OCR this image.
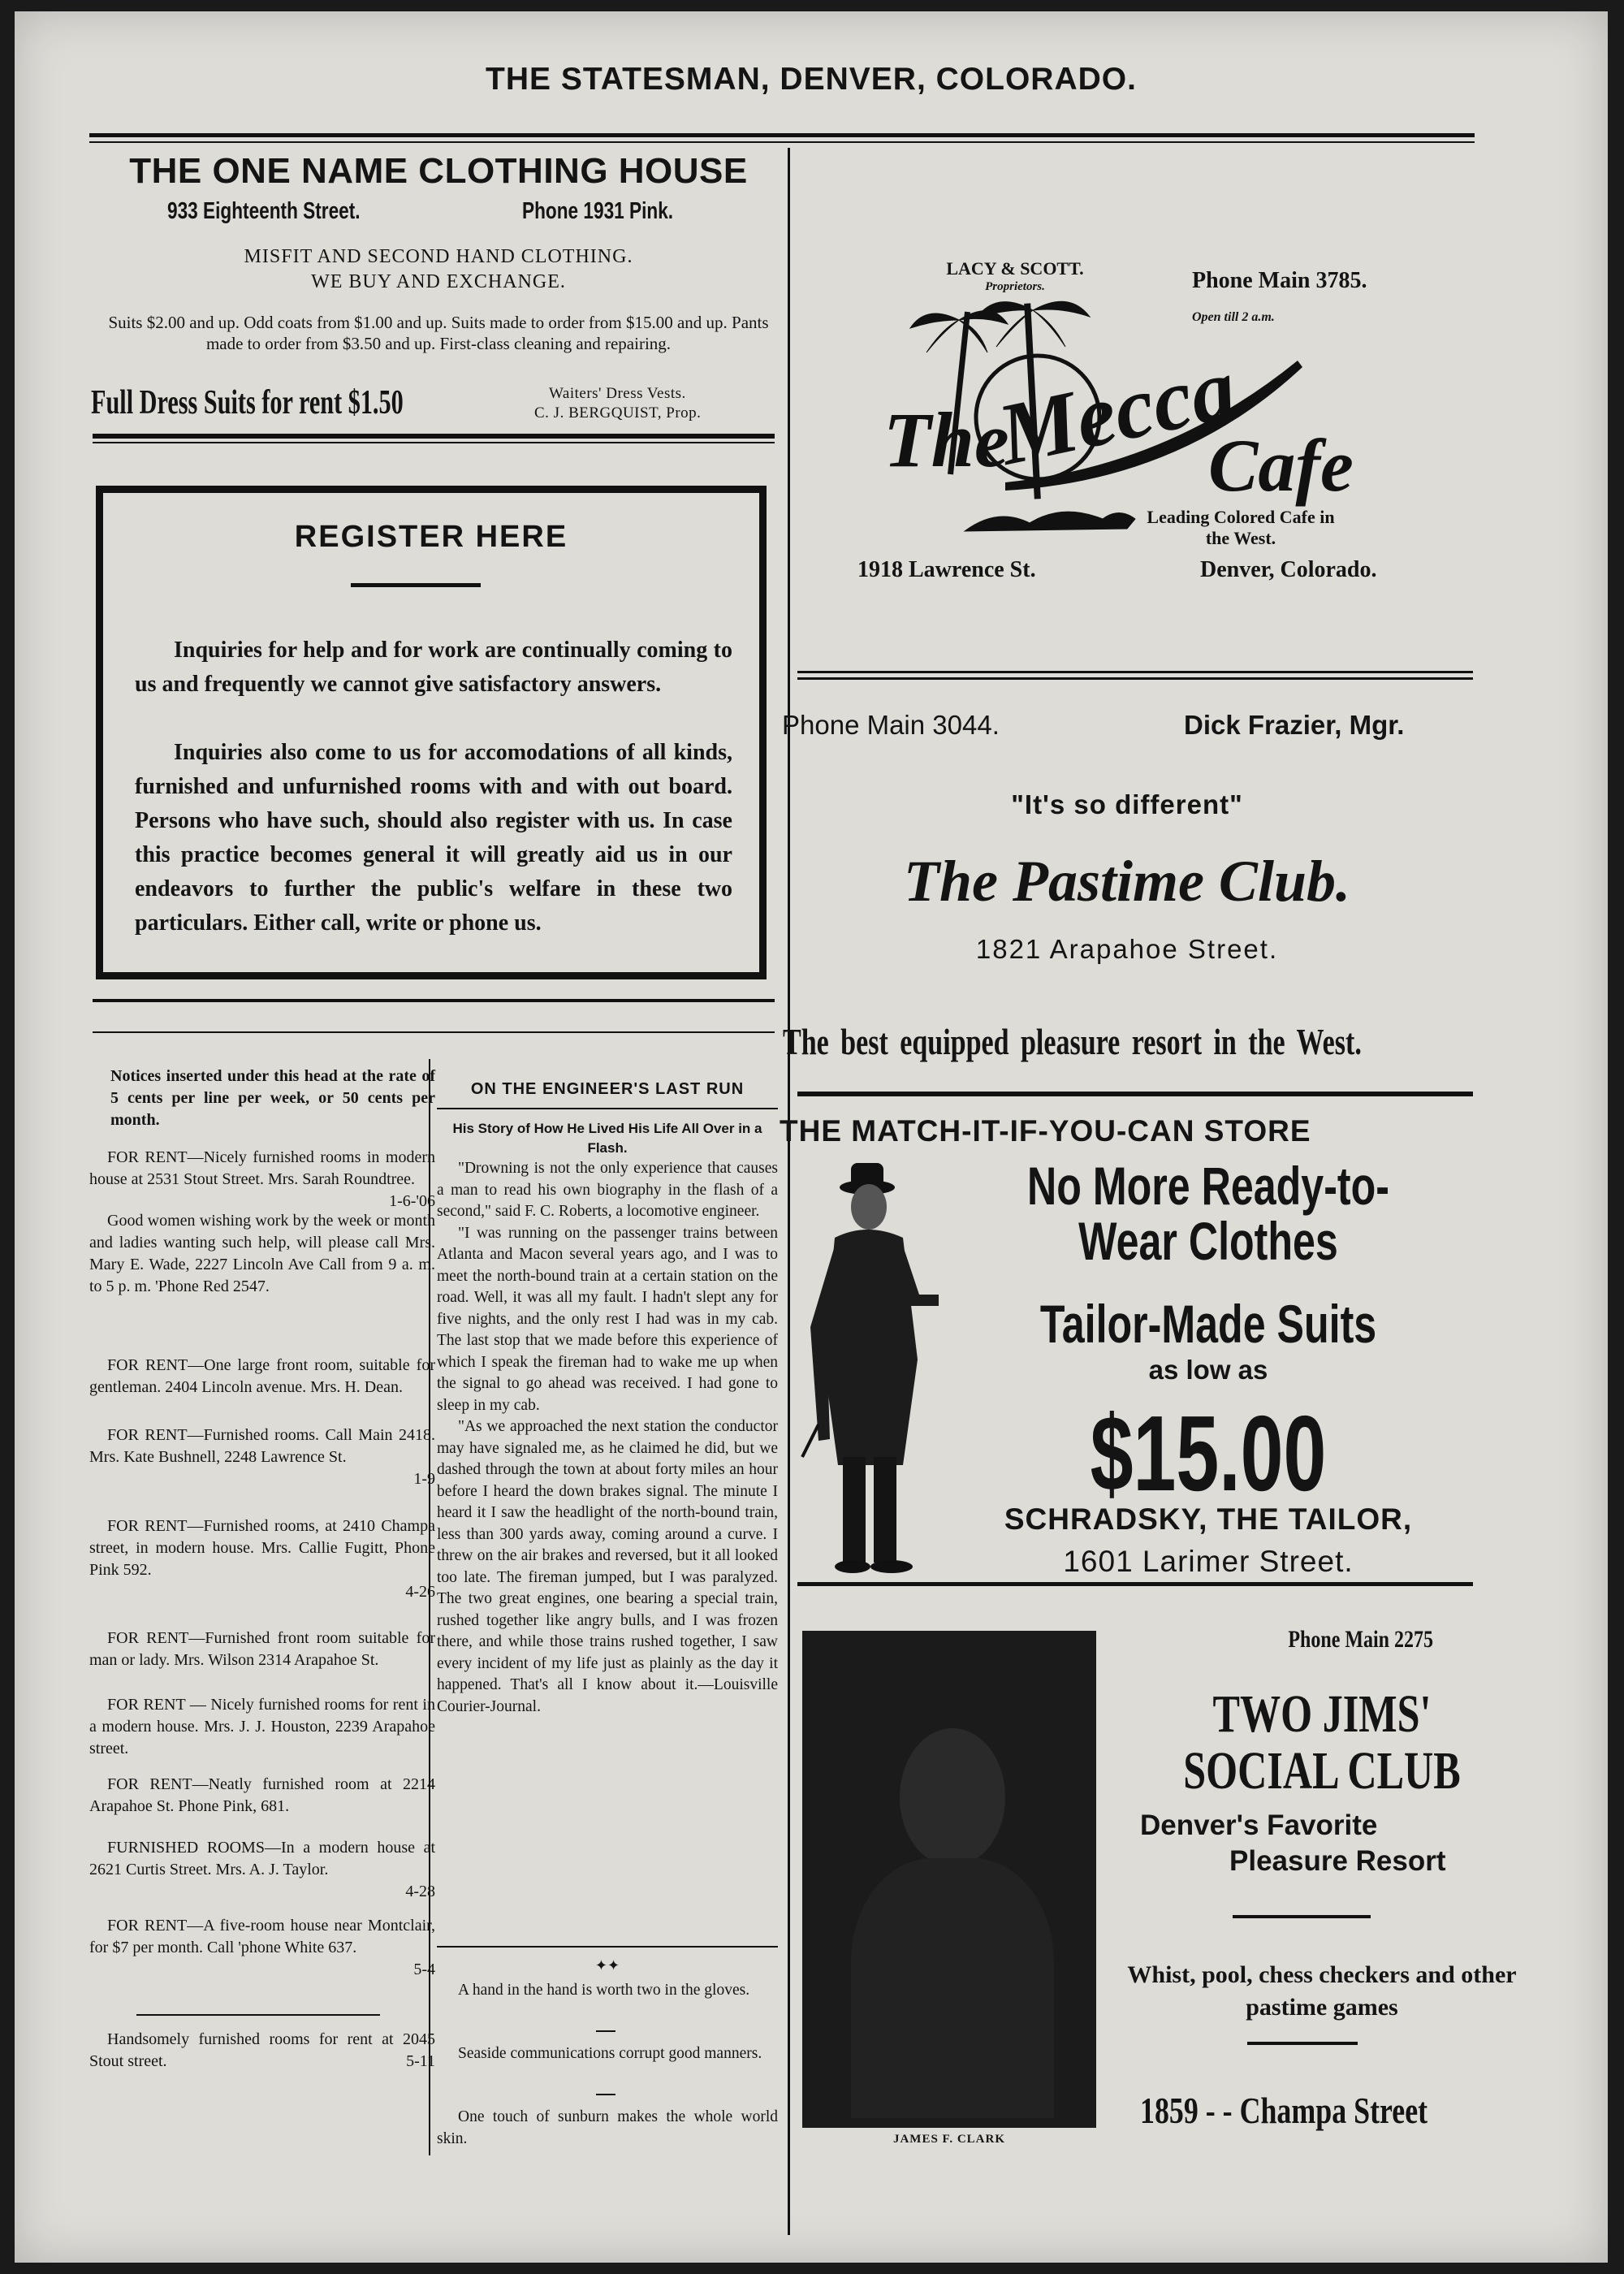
THE STATESMAN, DENVER, COLORADO.
THE ONE NAME CLOTHING HOUSE
933 Eighteenth Street.	Phone 1931 Pink.
MISFIT AND SECOND HAND CLOTHING.
WE BUY AND EXCHANGE.
Suits $2.00 and up. Odd coats from $1.00 and up. Suits made to order from $15.00 and up. Pants made to order from $3.50 and up. First-class cleaning and repairing.
Full Dress Suits for rent $1.50	Waiters' Dress Vests.
C. J. BERGQUIST, Prop.
REGISTER HERE
Inquiries for help and for work are continually coming to us and frequently we cannot give satisfactory answers.
Inquiries also come to us for accomodations of all kinds, furnished and unfurnished rooms with and with out board. Persons who have such, should also register with us. In case this practice becomes general it will greatly aid us in our endeavors to further the public's welfare in these two particulars. Either call, write or phone us.
Notices inserted under this head at the rate of 5 cents per line per week, or 50 cents per month.
FOR RENT—Nicely furnished rooms in modern house at 2531 Stout Street. Mrs. Sarah Roundtree.
1-6-'06
Good women wishing work by the week or month and ladies wanting such help, will please call Mrs. Mary E. Wade, 2227 Lincoln Ave Call from 9 a. m. to 5 p. m. 'Phone Red 2547.
FOR RENT—One large front room, suitable for gentleman. 2404 Lincoln avenue. Mrs. H. Dean.
FOR RENT—Furnished rooms. Call Main 2418. Mrs. Kate Bushnell, 2248 Lawrence St.
1-9
FOR RENT—Furnished rooms, at 2410 Champa street, in modern house. Mrs. Callie Fugitt, Phone Pink 592.
4-26
FOR RENT—Furnished front room suitable for man or lady. Mrs. Wilson 2314 Arapahoe St.
FOR RENT — Nicely furnished rooms for rent in a modern house. Mrs. J. J. Houston, 2239 Arapahoe street.
FOR RENT—Neatly furnished room at 2214 Arapahoe St. Phone Pink, 681.
FURNISHED ROOMS—In a modern house at 2621 Curtis Street. Mrs. A. J. Taylor.
4-28
FOR RENT—A five-room house near Montclair, for $7 per month. Call 'phone White 637.
5-4
Handsomely furnished rooms for rent at 2045 Stout street.	5-11
ON THE ENGINEER'S LAST RUN
His Story of How He Lived His Life All Over in a Flash.

"Drowning is not the only experience that causes a man to read his own biography in the flash of a second," said F. C. Roberts, a locomotive engineer.

"I was running on the passenger trains between Atlanta and Macon several years ago, and I was to meet the north-bound train at a certain station on the road. Well, it was all my fault. I hadn't slept any for five nights, and the only rest I had was in my cab. The last stop that we made before this experience of which I speak the fireman had to wake me up when the signal to go ahead was received. I had gone to sleep in my cab.

"As we approached the next station the conductor may have signaled me, as he claimed he did, but we dashed through the town at about forty miles an hour before I heard the down brakes signal. The minute I heard it I saw the headlight of the north-bound train, less than 300 yards away, coming around a curve. I threw on the air brakes and reversed, but it all looked too late. The fireman jumped, but I was paralyzed. The two great engines, one bearing a special train, rushed together like angry bulls, and I was frozen there, and while those trains rushed together, I saw every incident of my life just as plainly as the day it happened. That's all I know about it.—Louisville Courier-Journal.

✦✦
A hand in the hand is worth two in the gloves.
Seaside communications corrupt good manners.
One touch of sunburn makes the whole world skin.
LACY & SCOTT.
Proprietors.	Phone Main 3785.
Open till 2 a.m.
The
Mecca
Cafe
Leading Colored Cafe in the West.
1918 Lawrence St.	Denver, Colorado.
Phone Main 3044.	Dick Frazier, Mgr.
"It's so different"
The Pastime Club.
1821 Arapahoe Street.
The best equipped pleasure resort in the West.
THE MATCH-IT-IF-YOU-CAN STORE
No More Ready-to-Wear Clothes
Tailor-Made Suits
as low as
$15.00
SCHRADSKY, THE TAILOR,
1601 Larimer Street.
JAMES F. CLARK
Phone Main 2275
TWO JIMS' SOCIAL CLUB
Denver's Favorite
Pleasure Resort
Whist, pool, chess checkers and other pastime games
1859 - - Champa Street
